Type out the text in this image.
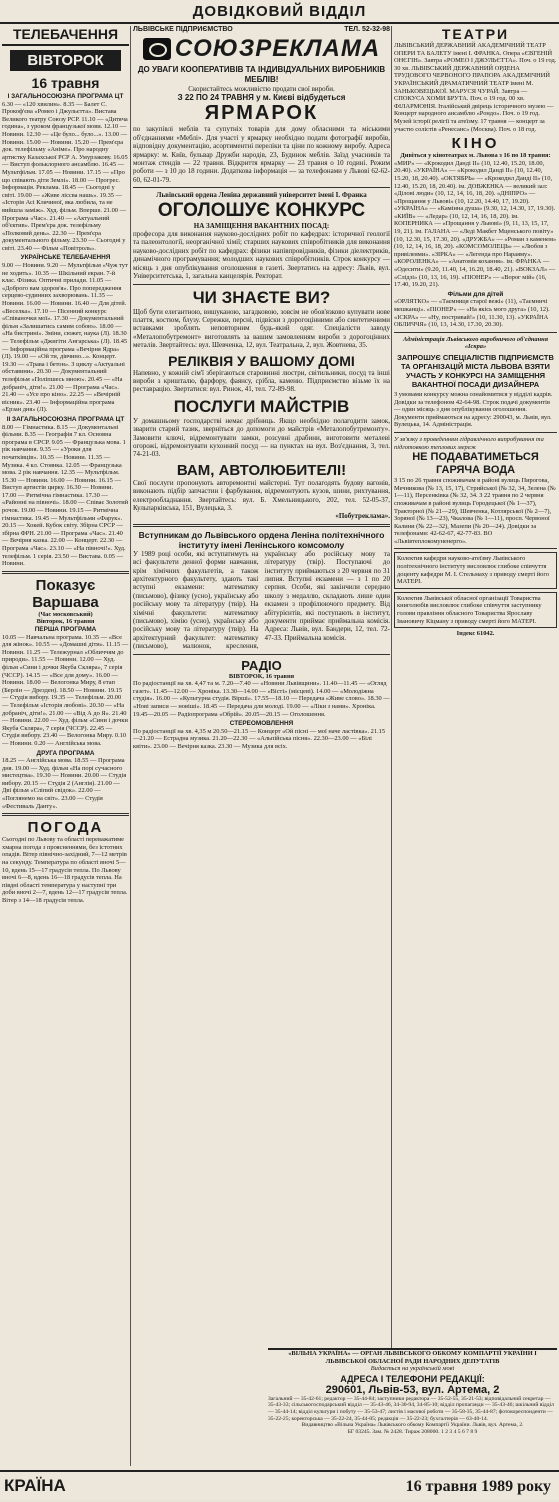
ДОВІДКОВИЙ ВІДДІЛ
ТЕЛЕБАЧЕННЯ
ВІВТОРОК
16 травня
І ЗАГАЛЬНОСОЮЗНА ПРОГРАМА ЦТ

6.30 — «120 хвилин». 8.35 — Балет С. Прокоф'єва «Ромео і Джульєтта». Вистава Великого театру Союзу РСР. 11.10 — «Дитяча година», з уроком французької мови. 12.10 — Новини. 12.30 — «Це було... було...». 13.00 — Новини. 15.00 — Новини. 15.20 — Прем'єра док. телефільму «Аніме». Про народну артистку Казахської РСР А. Умурзакову. 16.05 — Виступ фольклорного ансамблю. 16.45 — Мультфільм. 17.05 — Новини. 17.15 — «Про що співають діти Землі». 18.00 — Прогрес. Інформація. Реклама. 18.45 — Сьогодні у світі. 19.00 — «Живе ліссва нашь». 19.35 — «Історія Асі Клячиної, яка любила, та не вийшла заміж». Худ. фільм. Вперше. 21.00 — Програма «Час». 21.40 — «Актуальний об'єктив». Прем'єра док. телефільму «Полковий день». 22.30 — Прем'єра документального фільму. 23.30 — Сьогодні у світі. 23.40 — Фільм «Повітроль».

УКРАЇНСЬКЕ ТЕЛЕБАЧЕННЯ

9.00 — Новини. 9.20 — Мультфільм «Чуж тут не ходить». 10.35 — Шкільний екран. 7-й клас. Фізика. Оптичні прилади. 11.05 — «Доброго вам здоров'я». Про попередження серцево-судинних захворювань. 11.35 — Новини. 16.00 — Новини. 16.40 — Для дітей. «Веселка». 17.10 — Пісенний конкурс «Співаночки мої». 17.30 — Документальний фільм «Залишатись самим собою». 18.00 — «На бистрині». Зміни, сюжет, наука (Л). 18.30 — Телефільм «Джигіти Ангарська» (Л). 18.45 — Інформаційна програма «Вечірня Ядра» (Л). 19.00 — «Ой ти, дівчино...». Концерт. 19.30 — «Трава і бетон». З циклу «Актуальні обставини». 20.30 — Документальний телефільм «Поліпшесь мною». 20.45 — «На добраніч, діти!». 21.00 — Програма «Час». 21.40 — «Усе про кіно». 22.25 — «Вечірній вісник». 23.40 — Інформаційна програма «Ерзан дня» (Л).

ІІ ЗАГАЛЬНОСОЮЗНА ПРОГРАМА ЦТ

8.00 — Гімнастика. 8.15 — Документальні фільми. 8.35 — Географія 7 кл. Основна програма в СРСР. 9.05 — Французька мова. 1 рік навчання. 9.35 — «Уроки для початківців». 10.35 — Новини. 11.35 — Музика. 4 кл. Стоянка. 12.05 — Французька мова. 2 рік навчання. 12.35 — Мультфільм. 15.30 — Новини. 16.00 — Новини. 16.15 — Виступ артистів цирку. 16.30 — Новини. 17.00 — Ритмічна гімнастика. 17.30 — «Районні на півночі». 18.00 — Співає Золотий рочок. 19.00 — Новини. 19.15 — Ритмічна гімнастика. 19.45 — Мультфільми «Фарук». 20.15 — Хокей. Кубок світу. Збірна СРСР — збірна ФРН. 21.00 — Програма «Час». 21.40 — Вечірня казка. 22.00 — Концерт. 22.30 — Програма «Час». 23.10 — «На півночі!». Худ. телефільм. 1 серія. 23.50 — Вистава. 0.05 — Новини.

Показує Варшава
(Час московський)
Вівторок, 16 травня
ПЕРША ПРОГРАМА

10.05 — Навчальна програма. 10.35 — «Все для жінок». 10.55 — «Домашні діти». 11.15 — Новини. 11.25 — Тележурнал «Обличчям до природи». 11.55 — Новини. 12.00 — Худ. фільм «Сини і дочки Якуба Скляра», 7 серія (ЧССР). 14.15 — «Все для дому». 16.00 — Новини. 18.00 — Велогонка Миру, 8 етап (Берлін — Дрезден). 18.50 — Новини. 19.15 — Студія вибору. 19.35 — Телефільм. 20.00 — Телефільм «Історія любові». 20.30 — «На добраніч, діти!». 21.00 — «Від А до Я». 21.40 — Новини. 22.00 — Худ. фільм «Сини і дочки Якуба Скляра», 7 серія (ЧССР). 22.45 — Студія вибору. 23.40 — Велогонка Миру. 0.10 — Новини. 0.20 — Англійська мова.

ДРУГА ПРОГРАМА

18.25 — Англійська мова. 18.55 — Програма дня. 19.00 — Худ. фільм «На порі сучасного мистецтва». 19.30 — Новини. 20.00 — Студія вибору. 20.15 — Студія 2 (Англія). 21.00 — Дві фільм «Сліпий свідок». 22.00 — «Поглянемо на світ». 23.00 — Студія «Фестиваль Данту».

ПОГОДА

Сьогодні по Львову та області переважатиме хмарна погода з проясненнями, без істотних опадів. Вітер північно-західний, 7—12 метрів на секунду. Температура по області вночі 5—10, вдень 15—17 градусів тепла. По Львову вночі 6—8, вдень 16—18 градусів тепла. На півдні області температура у наступні три доби вночі 2—7, вдень 12—17 градусів тепла. Вітер з 14—18 градусів тепла.

ЛЬВІВСЬКЕ ПІДПРИЄМСТВО	ТЕЛ. 52-32-98
СОЮЗРЕКЛАМА
ДО УВАГИ КООПЕРАТИВІВ ТА ІНДИВІДУАЛЬНИХ ВИРОБНИКІВ МЕБЛІВ!
Скористайтесь можливістю продати свої вироби.
З 22 ПО 24 ТРАВНЯ у м. Києві відбудеться
ЯРМАРОК

по закупівлі меблів та супутніх товарів для дому обласними та міськими об'єднаннями «Меблі». Для участі у ярмарку необхідно подати фотографії виробів, відповідну документацію, асортиментні переліки та ціни по кожному виробу. Адреса ярмарку: м. Київ, бульвар Дружби народів, 23, Будинок меблів. Заїзд учасників та монтаж стендів — 22 травня. Відкриття ярмарку — 23 травня о 10 годині. Режим роботи — з 10 до 18 години. Додаткова інформація — за телефонами у Львові 62-62-60, 62-01-79.

Львівський ордена Леніна державний університет імені І. Франка
ОГОЛОШУЄ КОНКУРС
НА ЗАМІЩЕННЯ ВАКАНТНИХ ПОСАД:

професора для виконання науково-дослідних робіт по кафедрах: історичної геології та палеонтології, неорганічної хімії; старших наукових співробітників для виконання науково-дослідних робіт по кафедрах: фізики напівпровідників, фізики діелектриків, динамічного програмування; молодших наукових співробітників. Строк конкурсу — місяць з дня опублікування оголошення в газеті. Звертатись на адресу: Львів, вул. Університетська, 1, загальна канцелярія. Ректорат.

ЧИ ЗНАЄТЕ ВИ?

Щоб бути елегантною, вишуканою, загадковою, зовсім не обов'язково купувати нове плаття, костюм, блузу. Сережки, персні, підвіски з дорогоцінними або синтетичними вставками зроблять неповторним будь-який одяг. Спеціалісти заводу «Металопобутремонт» виготовлять за вашим замовленням вироби з дорогоцінних металів. Звертайтесь: вул. Шевченка, 12, вул. Театральна, 2, вул. Жовтнева, 35.

РЕЛІКВІЯ У ВАШОМУ ДОМІ

Напевно, у кожній сім'ї зберігаються старовинні люстри, світильники, посуд та інші вироби з кришталю, фарфору, фаянсу, срібла, каменю. Підприємство візьме їх на реставрацію. Звертатися: вул. Ринок, 41, тел. 72-89-98.

ПОСЛУГИ МАЙСТРІВ

У домашньому господарстві немає дрібниць. Якщо необхідно полагодити замок, зварити старий тазик, зверніться до допомоги до майстрів «Металопобутремонту». Замовити ключі, відремонтувати замки, розсувні драбини, виготовити металеві огорожі, відремонтувати кухонний посуд — на пунктах на вул. Воз'єднання, 3, тел. 74-21-03.

ВАМ, АВТОЛЮБИТЕЛІ!

Свої послуги пропонують авторемонтні майстерні. Тут полагодять будову вагонів, виконають підбір запчастин і фарбування, відремонтують кузов, шини, рихтування, електрообладнання. Звертайтесь: вул. Б. Хмельницького, 202, тел. 52-05-37, Кульпарківська, 151, Вулецька, 3.

«Побутреклама».
Вступникам до Львівського ордена Леніна політехнічного інституту імені Ленінського комсомолу

У 1989 році особи, які вступатимуть на всі факультети денної форми навчання, крім хімічних факультетів, а також архітектурного факультету, здають такі вступні екзамени: математику (письмово), фізику (усно), українську або російську мову та літературу (твір). На хімічні факультети: математику (письмово), хімію (усно), українську або російську мову та літературу (твір). На архітектурний факультет: математику (письмово), малюнок, креслення, українську або російську мову та літературу (твір). Поступаючі до інституту приймаються з 20 червня по 31 липня. Вступні екзамени — з 1 по 20 серпня. Особи, які закінчили середню школу з медаллю, складають лише один екзамен з профілюючого предмету. Від абітурієнтів, які поступають в інститут, документи приймає приймальна комісія. Адреса: Львів, вул. Бандери, 12, тел. 72-47-33. Приймальна комісія.

РАДІО
ВІВТОРОК, 16 травня

По радіостанції на хв. 4,47 та м. 7.20—7.40 — «Новини Львівщини». 11.40—11.45 — «Огляд газет». 11.45—12.00 — Хроніка. 13.30—14.00 — «Вісті» (місцеві). 14.00 — «Молодіжна студія». 16.00 — «Культурна студія. Вірші». 17.55—18.10 — Передача «Живе слово». 18.30 — «Нові записи — новіші». 18.45 — Передача для молоді. 19.00 — «Ліки з нами». Хроніка. 19.45—20.05 — Радіопрограма «Обрій». 20.05—20.15 — Оголошення.

СТЕРЕОМОВЛЕННЯ

По радіостанції на хв. 4,35 м 20.50—21.15 — Концерт «Ой пісні — мої наче ластівка». 21.15—21.20 — Естрадна музика. 21.20—22.30 — «Альпійська пісня». 22.30—23.00 — «Білі квіти». 23.00 — Вечірня казка. 23.30 — Музика для всіх.

ТЕАТРИ

ЛЬВІВСЬКИЙ ДЕРЖАВНИЙ АКАДЕМІЧНИЙ ТЕАТР ОПЕРИ ТА БАЛЕТУ імені І. ФРАНКА. Опера «ЄВГЕНІЙ ОНЄГІН». Завтра «РОМЕО І ДЖУЛЬЄТТА». Поч. о 19 год. 30 хв. ЛЬВІВСЬКИЙ ДЕРЖАВНИЙ ОРДЕНА ТРУДОВОГО ЧЕРВОНОГО ПРАПОРА АКАДЕМІЧНИЙ УКРАЇНСЬКИЙ ДРАМАТИЧНИЙ ТЕАТР імені М. ЗАНЬКОВЕЦЬКОЇ. МАРУСЯ ЧУРАЙ. Завтра — СПОКУСА ХОМИ БРУТА. Поч. о 19 год. 00 хв. ФІЛАРМОНІЯ. Італійський двірець історичного музею — Концерт народного ансамблю «Рондо». Поч. о 19 год. Музей історії релігії та атеїзму. 17 травня — концерт за участю солістів «Ренесанс» (Москва). Поч. о 18 год.

КІНО
Дивіться у кінотеатрах м. Львова з 16 по 18 травня:

«МИР» — «Крокодил Данді ІІ» (10, 12.40, 15.20, 18.00, 20.40). «УКРАЇНА» — «Крокодил Данді ІІ» (10, 12.40, 15.20, 18, 20.40). «ОКТЯБРЬ» — «Крокодил Данді ІІ» (10, 12.40, 15.20, 18, 20.40). ім. ДОВЖЕНКА — великий зал: «Ділові люди» (10, 12, 14, 16, 18, 20). «ДНІПРО» — «Прощання у Львові» (10, 12.20, 14.40, 17, 19.20). «УКРАЇНА» — «Камінна душа» (9.30, 12, 14.30, 17, 19.30). «КИЇВ» — «Ледар» (10, 12, 14, 16, 18, 20). ім. КОПЕРНИКА — «Прощання у Львові» (9, 11, 13, 15, 17, 19, 21). ім. ГАЛАНА — «Леді Макбет Мценського повіту» (10, 12.30, 15, 17.30, 20). «ДРУЖБА» — «Роман з каменем» (10, 12, 14, 16, 18, 20). «КОМСОМОЛЕЦЬ» — «Любов з привілеями». «ЗІРКА» — «Легенда про Нараяму». «КОРОЛЕНКА» — «Анатомія кохання». ім. ФРАНКА — «Одесити» (9.20, 11.40, 14, 16.20, 18.40, 21). «ВОКЗАЛ» — «Слідзі» (10, 13, 16, 19). «ПІОНЕР» — «Ворог мій» (16, 17.40, 19.20, 21).

Фільми для дітей

«ОРЛЯТКО» — «Таємниця старої вежі» (11), «Таємничі мешканці». «ПІОНЕР» — «На якісь мого друга» (10, 12). «ІСКРА» — «Ну, постривай!» (10, 11.30, 13). «УКРАЇНА ОБЛИЧЧЯ» (10, 13, 14.30, 17.30, 20.30).

Адміністрація Львівського виробничого об'єднання «Іскра»
ЗАПРОШУЄ СПЕЦІАЛІСТІВ ПІДПРИЄМСТВ ТА ОРГАНІЗАЦІЙ МІСТА ЛЬВОВА ВЗЯТИ УЧАСТЬ У КОНКУРСІ НА ЗАМІЩЕННЯ ВАКАНТНОЇ ПОСАДИ ДИЗАЙНЕРА

З умовами конкурсу можна ознайомитися у відділі кадрів. Довідки за телефоном 42-64-98. Строк подачі документів — один місяць з дня опублікування оголошення. Документи приймаються на адресу: 290043, м. Львів, вул. Вулецька, 14. Адміністрація.

У зв'язку з проведенням гідравлічного випробування та підготовкою теплових мереж

НЕ ПОДАВАТИМЕТЬСЯ ГАРЯЧА ВОДА

З 15 по 26 травня споживачам в районі вулиць Пирогова, Мечникова (№ 13, 15, 17), Стрийської (№ 32, 34, Зелена (№ 1—11), Персенківка (№ 32, 34. З 22 травня по 2 червня споживачам в районі вулиць Городецької (№ 1—37), Тракторної (№ 21—29), Шевченка, Котлярської (№ 2—7), Зоряної (№ 13—23), Чкалова (№ 1—11), просп. Червоної Калини (№ 22—32), Мазепи (№ 20—24). Довідки за телефонами: 42-62-67, 42-77-83. ВО «Львівтеплокомуненерго».

Колектив кафедри науково-атеїзму Львівського політехнічного інституту висловлює глибоке співчуття доценту кафедри М. І. Стельмаху з приводу смерті його МАТЕРІ.

Колектив Львівської обласної організації Товариства книголюбів висловлює глибоке співчуття заступнику голови правління обласного Товариства Ярославу Івановичу Кіцману з приводу смерті його МАТЕРІ.

Індекс 61042.

«ВІЛЬНА УКРАЇНА» — ОРГАН ЛЬВІВСЬКОГО ОБКОМУ КОМПАРТІЇ УКРАЇНИ І ЛЬВІВСЬКОЇ ОБЛАСНОЇ РАДИ НАРОДНИХ ДЕПУТАТІВ

Видається на українській мові

АДРЕСА І ТЕЛЕФОНИ РЕДАКЦІЇ:
290601, Львів-53, вул. Артема, 2

Загальний — 35-42-61; редактор — 35-44-84; заступники редактора — 35-52-55, 35-21-53; відповідальний секретар — 35-43-33; сільськогосподарський відділ — 35-43-46, 34-30-94, 34-85-10; відділ пропаганди — 35-43-46; шкільний відділ — 35-44-14; відділ культури і побуту — 35-53-47; листів і масової роботи — 35-58-35, 35-44-87; фотокореспонденти — 35-22-25; коректорська — 35-22-24, 35-44-05; редакція — 35-22-23; бухгалтерія — 63-40-14.

Видавництво «Вільна Україна» Львівського обкому Компартії України. Львів, вул. Артема, 2.

БГ 03245. Зам. № 2428. Тираж 208000. 1 2 3 4 5 6 7 8 9

КРАЇНА	16 травня 1989 року
